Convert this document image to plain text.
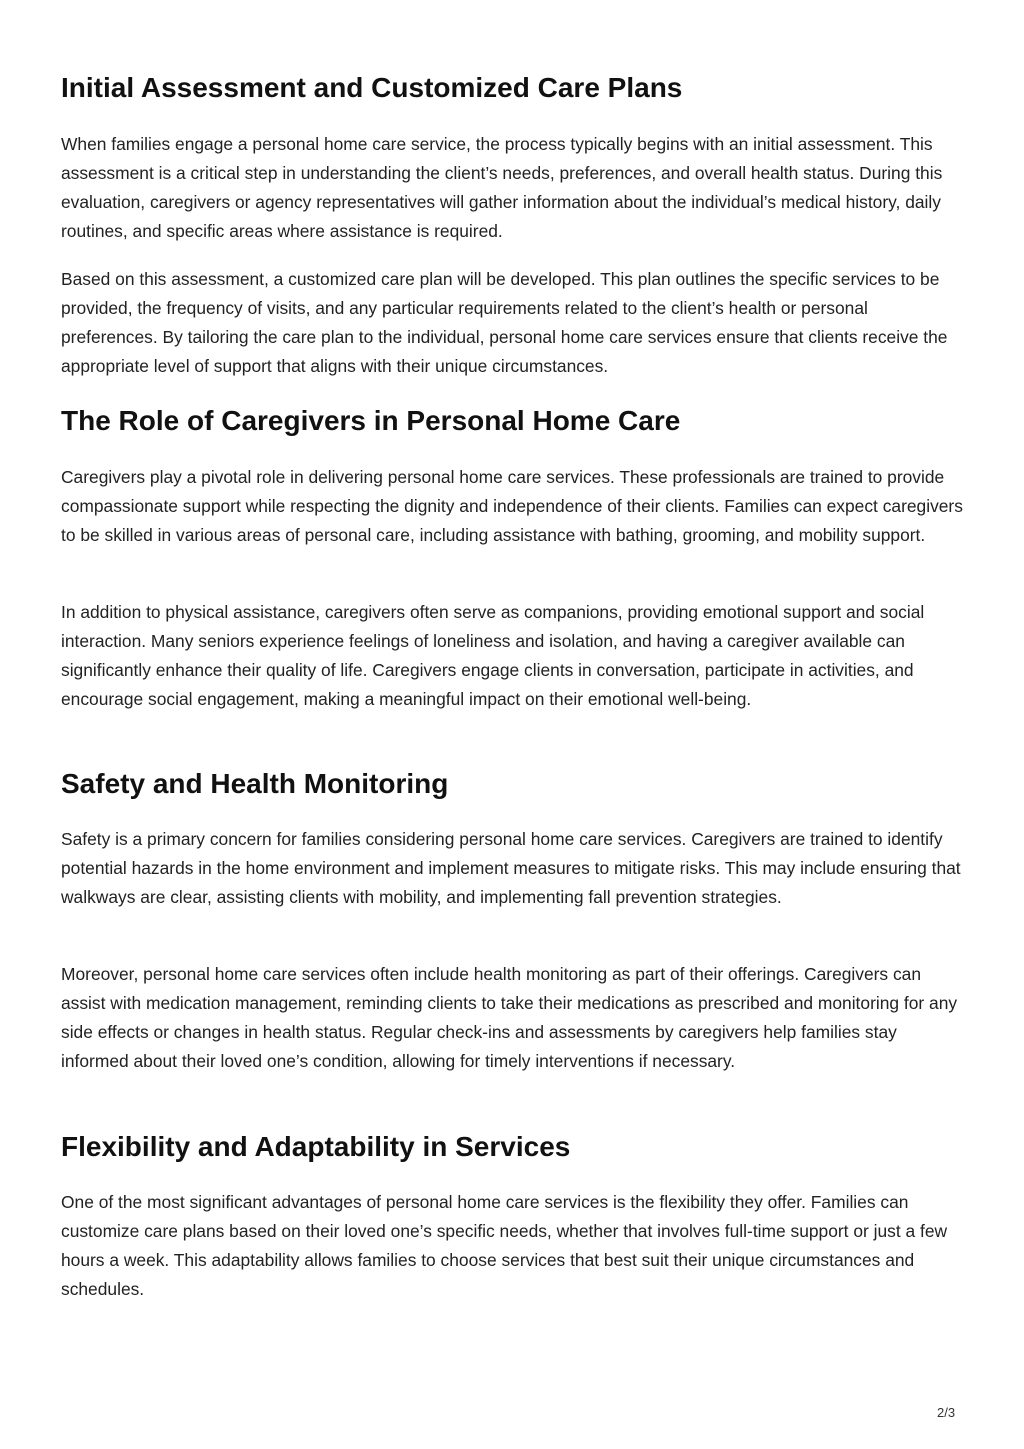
Initial Assessment and Customized Care Plans

When families engage a personal home care service, the process typically begins with an initial assessment. This assessment is a critical step in understanding the client’s needs, preferences, and overall health status. During this evaluation, caregivers or agency representatives will gather information about the individual’s medical history, daily routines, and specific areas where assistance is required.

Based on this assessment, a customized care plan will be developed. This plan outlines the specific services to be provided, the frequency of visits, and any particular requirements related to the client’s health or personal preferences. By tailoring the care plan to the individual, personal home care services ensure that clients receive the appropriate level of support that aligns with their unique circumstances.

The Role of Caregivers in Personal Home Care

Caregivers play a pivotal role in delivering personal home care services. These professionals are trained to provide compassionate support while respecting the dignity and independence of their clients. Families can expect caregivers to be skilled in various areas of personal care, including assistance with bathing, grooming, and mobility support.

In addition to physical assistance, caregivers often serve as companions, providing emotional support and social interaction. Many seniors experience feelings of loneliness and isolation, and having a caregiver available can significantly enhance their quality of life. Caregivers engage clients in conversation, participate in activities, and encourage social engagement, making a meaningful impact on their emotional well-being.

Safety and Health Monitoring

Safety is a primary concern for families considering personal home care services. Caregivers are trained to identify potential hazards in the home environment and implement measures to mitigate risks. This may include ensuring that walkways are clear, assisting clients with mobility, and implementing fall prevention strategies.

Moreover, personal home care services often include health monitoring as part of their offerings. Caregivers can assist with medication management, reminding clients to take their medications as prescribed and monitoring for any side effects or changes in health status. Regular check-ins and assessments by caregivers help families stay informed about their loved one’s condition, allowing for timely interventions if necessary.

Flexibility and Adaptability in Services

One of the most significant advantages of personal home care services is the flexibility they offer. Families can customize care plans based on their loved one’s specific needs, whether that involves full-time support or just a few hours a week. This adaptability allows families to choose services that best suit their unique circumstances and schedules.

2/3
